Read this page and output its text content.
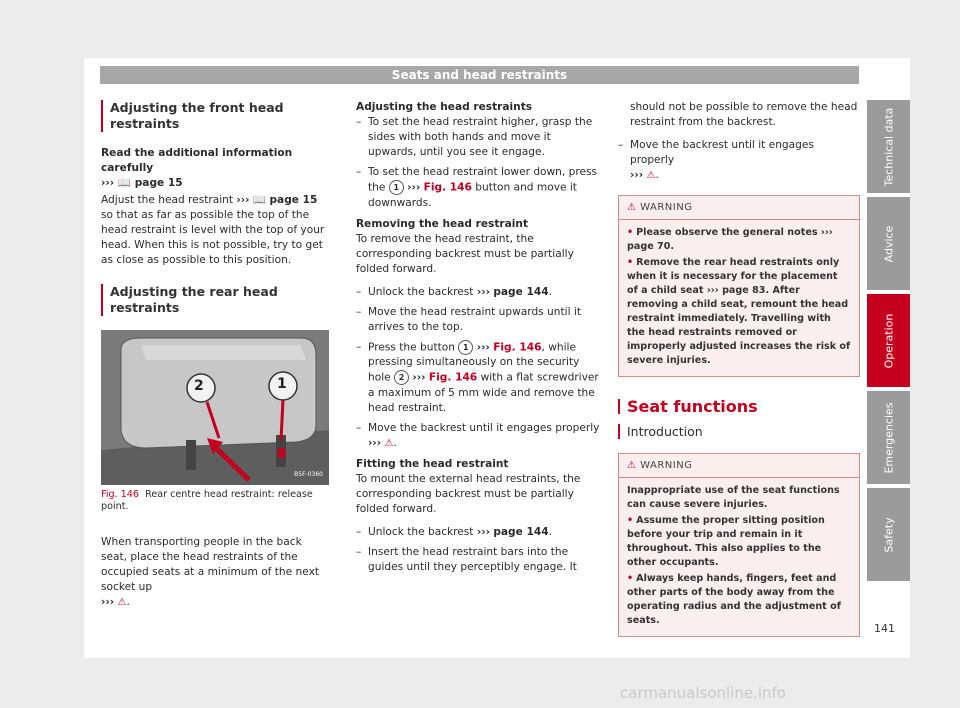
Seats and head restraints
Adjusting the front head restraints

Read the additional information carefully
››› 📖 page 15

Adjust the head restraint ››› 📖 page 15 so that as far as possible the top of the head restraint is level with the top of your head. When this is not possible, try to get as close as possible to this position.

Adjusting the rear head restraints
2	1
B5F-0360
Fig. 146 Rear centre head restraint: release point.

When transporting people in the back seat, place the head restraints of the occupied seats at a minimum of the next socket up
››› ⚠.

Adjusting the head restraints
– To set the head restraint higher, grasp the sides with both hands and move it upwards, until you see it engage.
– To set the head restraint lower down, press the 1 ››› Fig. 146 button and move it downwards.
Removing the head restraint

To remove the head restraint, the corresponding backrest must be partially folded forward.

– Unlock the backrest ››› page 144.
– Move the head restraint upwards until it arrives to the top.
– Press the button 1 ››› Fig. 146, while pressing simultaneously on the security hole 2 ››› Fig. 146 with a flat screwdriver a maximum of 5 mm wide and remove the head restraint.
– Move the backrest until it engages properly
››› ⚠.
Fitting the head restraint

To mount the external head restraints, the corresponding backrest must be partially folded forward.

– Unlock the backrest ››› page 144.
– Insert the head restraint bars into the guides until they perceptibly engage. It

should not be possible to remove the head restraint from the backrest.

– Move the backrest until it engages properly
››› ⚠.
⚠ WARNING
• Please observe the general notes ››› page 70.
• Remove the rear head restraints only when it is necessary for the placement of a child seat ››› page 83. After removing a child seat, remount the head restraint immediately. Travelling with the head restraints removed or improperly adjusted increases the risk of severe injuries.
Seat functions
Introduction
⚠ WARNING
Inappropriate use of the seat functions can cause severe injuries.
• Assume the proper sitting position before your trip and remain in it throughout. This also applies to the other occupants.
• Always keep hands, fingers, feet and other parts of the body away from the operating radius and the adjustment of seats.
Technical data
Advice
Operation
Emergencies
Safety
141
carmanualsonline.info
